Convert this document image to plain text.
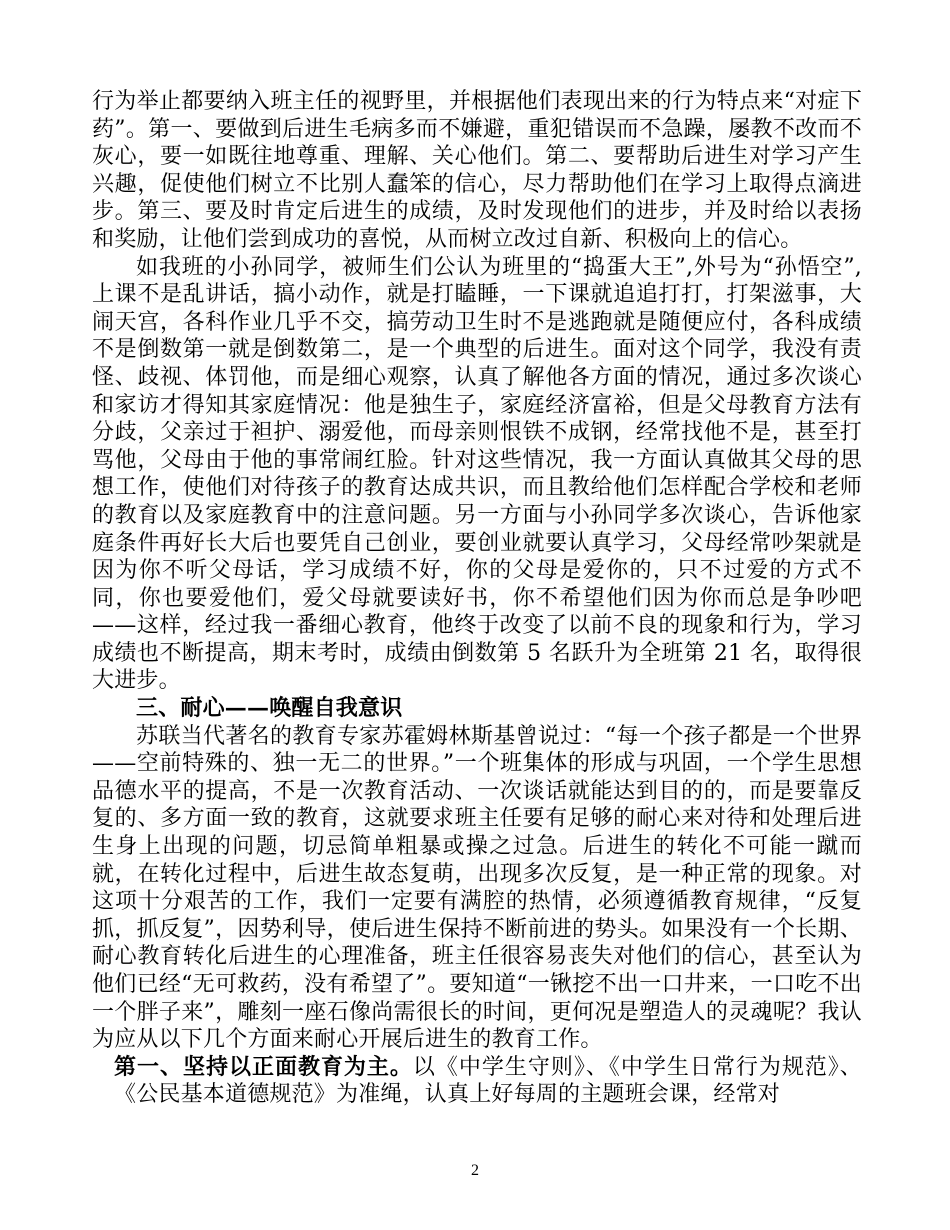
行为举止都要纳入班主任的视野里，并根据他们表现出来的行为特点来“对症下药”。第一、要做到后进生毛病多而不嫌避，重犯错误而不急躁，屡教不改而不灰心，要一如既往地尊重、理解、关心他们。第二、要帮助后进生对学习产生兴趣，促使他们树立不比别人蠢笨的信心，尽力帮助他们在学习上取得点滴进步。第三、要及时肯定后进生的成绩，及时发现他们的进步，并及时给以表扬和奖励，让他们尝到成功的喜悦，从而树立改过自新、积极向上的信心。

如我班的小孙同学，被师生们公认为班里的“捣蛋大王”,外号为“孙悟空”,上课不是乱讲话，搞小动作，就是打瞌睡，一下课就追追打打，打架滋事，大闹天宫，各科作业几乎不交，搞劳动卫生时不是逃跑就是随便应付，各科成绩不是倒数第一就是倒数第二，是一个典型的后进生。面对这个同学，我没有责怪、歧视、体罚他，而是细心观察，认真了解他各方面的情况，通过多次谈心和家访才得知其家庭情况：他是独生子，家庭经济富裕，但是父母教育方法有分歧，父亲过于袒护、溺爱他，而母亲则恨铁不成钢，经常找他不是，甚至打骂他，父母由于他的事常闹红脸。针对这些情况，我一方面认真做其父母的思想工作，使他们对待孩子的教育达成共识，而且教给他们怎样配合学校和老师的教育以及家庭教育中的注意问题。另一方面与小孙同学多次谈心，告诉他家庭条件再好长大后也要凭自己创业，要创业就要认真学习，父母经常吵架就是因为你不听父母话，学习成绩不好，你的父母是爱你的，只不过爱的方式不同，你也要爱他们，爱父母就要读好书，你不希望他们因为你而总是争吵吧——这样，经过我一番细心教育，他终于改变了以前不良的现象和行为，学习成绩也不断提高，期末考时，成绩由倒数第 5 名跃升为全班第 21 名，取得很大进步。

三、耐心——唤醒自我意识

苏联当代著名的教育专家苏霍姆林斯基曾说过：“每一个孩子都是一个世界——空前特殊的、独一无二的世界。”一个班集体的形成与巩固，一个学生思想品德水平的提高，不是一次教育活动、一次谈话就能达到目的的，而是要靠反复的、多方面一致的教育，这就要求班主任要有足够的耐心来对待和处理后进生身上出现的问题，切忌简单粗暴或操之过急。后进生的转化不可能一蹴而就，在转化过程中，后进生故态复萌，出现多次反复，是一种正常的现象。对这项十分艰苦的工作，我们一定要有满腔的热情，必须遵循教育规律，“反复抓，抓反复”，因势利导，使后进生保持不断前进的势头。如果没有一个长期、耐心教育转化后进生的心理准备，班主任很容易丧失对他们的信心，甚至认为他们已经“无可救药，没有希望了”。要知道“一锹挖不出一口井来，一口吃不出一个胖子来”，雕刻一座石像尚需很长的时间，更何况是塑造人的灵魂呢？我认为应从以下几个方面来耐心开展后进生的教育工作。

第一、坚持以正面教育为主。以《中学生守则》、《中学生日常行为规范》、《公民基本道德规范》为准绳，认真上好每周的主题班会课，经常对

2
